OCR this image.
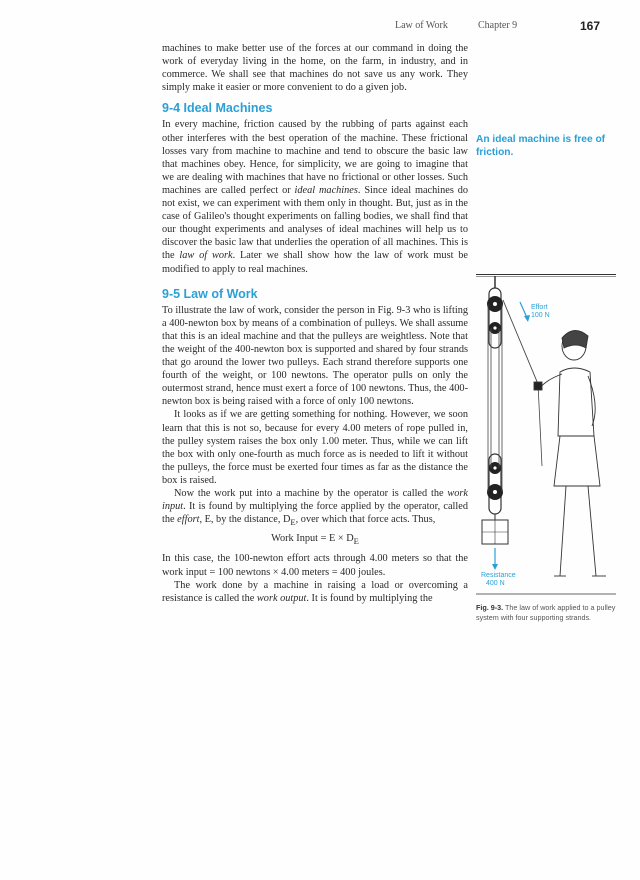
Law of Work	Chapter 9	167

machines to make better use of the forces at our command in doing the work of everyday living in the home, on the farm, in industry, and in commerce. We shall see that machines do not save us any work. They simply make it easier or more convenient to do a given job.

9-4 Ideal Machines

In every machine, friction caused by the rubbing of parts against each other interferes with the best operation of the machine. These frictional losses vary from machine to machine and tend to obscure the basic law that machines obey. Hence, for simplicity, we are going to imagine that we are dealing with machines that have no frictional or other losses. Such machines are called perfect or ideal machines. Since ideal machines do not exist, we can experiment with them only in thought. But, just as in the case of Galileo's thought experiments on falling bodies, we shall find that our thought experiments and analyses of ideal machines will help us to discover the basic law that underlies the operation of all machines. This is the law of work. Later we shall show how the law of work must be modified to apply to real machines.

9-5 Law of Work

To illustrate the law of work, consider the person in Fig. 9-3 who is lifting a 400-newton box by means of a combination of pulleys. We shall assume that this is an ideal machine and that the pulleys are weightless. Note that the weight of the 400-newton box is supported and shared by four strands that go around the lower two pulleys. Each strand therefore supports one fourth of the weight, or 100 newtons. The operator pulls on only the outermost strand, hence must exert a force of 100 newtons. Thus, the 400-newton box is being raised with a force of only 100 newtons.

It looks as if we are getting something for nothing. However, we soon learn that this is not so, because for every 4.00 meters of rope pulled in, the pulley system raises the box only 1.00 meter. Thus, while we can lift the box with only one-fourth as much force as is needed to lift it without the pulleys, the force must be exerted four times as far as the distance the box is raised.

Now the work put into a machine by the operator is called the work input. It is found by multiplying the force applied by the operator, called the effort, E, by the distance, $D_E$, over which that force acts. Thus,

Work Input = $E \times D_E$

In this case, the 100-newton effort acts through 4.00 meters so that the work input = 100 newtons × 4.00 meters = 400 joules.

The work done by a machine in raising a load or overcoming a resistance is called the work output. It is found by multiplying the

An ideal machine is free of friction.
Effort
100 N
Resistance
400 N
Fig. 9-3. The law of work applied to a pulley system with four supporting strands.
